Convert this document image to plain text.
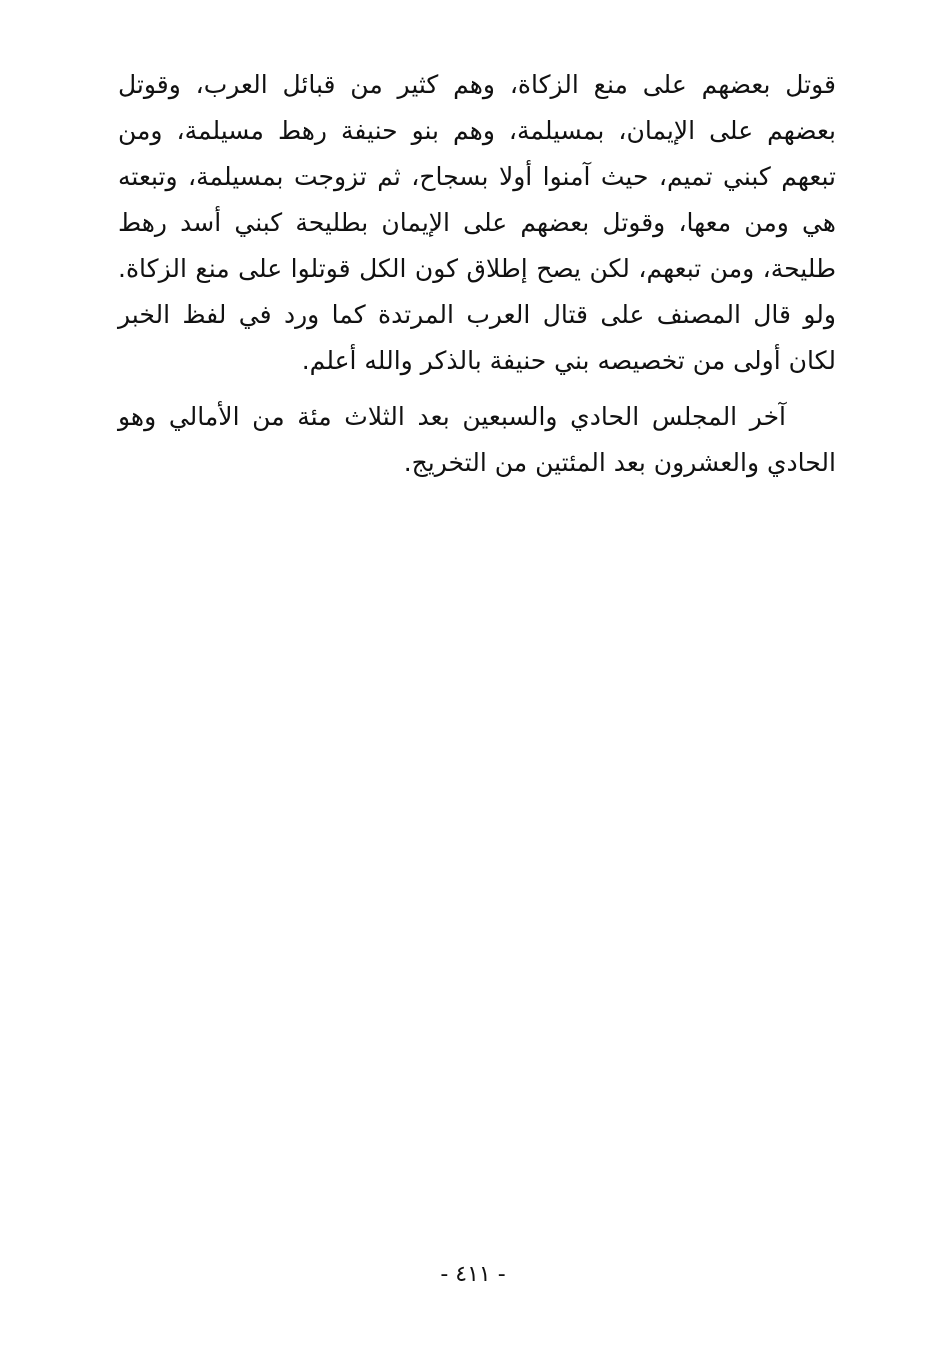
قوتل بعضهم على منع الزكاة، وهم كثير من قبائل العرب، وقوتل بعضهم على الإيمان، بمسيلمة، وهم بنو حنيفة رهط مسيلمة، ومن تبعهم كبني تميم، حيث آمنوا أولا بسجاح، ثم تزوجت بمسيلمة، وتبعته هي ومن معها، وقوتل بعضهم على الإيمان بطليحة كبني أسد رهط طليحة، ومن تبعهم، لكن يصح إطلاق كون الكل قوتلوا على منع الزكاة. ولو قال المصنف على قتال العرب المرتدة كما ورد في لفظ الخبر لكان أولى من تخصيصه بني حنيفة بالذكر والله أعلم.

آخر المجلس الحادي والسبعين بعد الثلاث مئة من الأمالي وهو الحادي والعشرون بعد المئتين من التخريج.

- ٤١١ -
